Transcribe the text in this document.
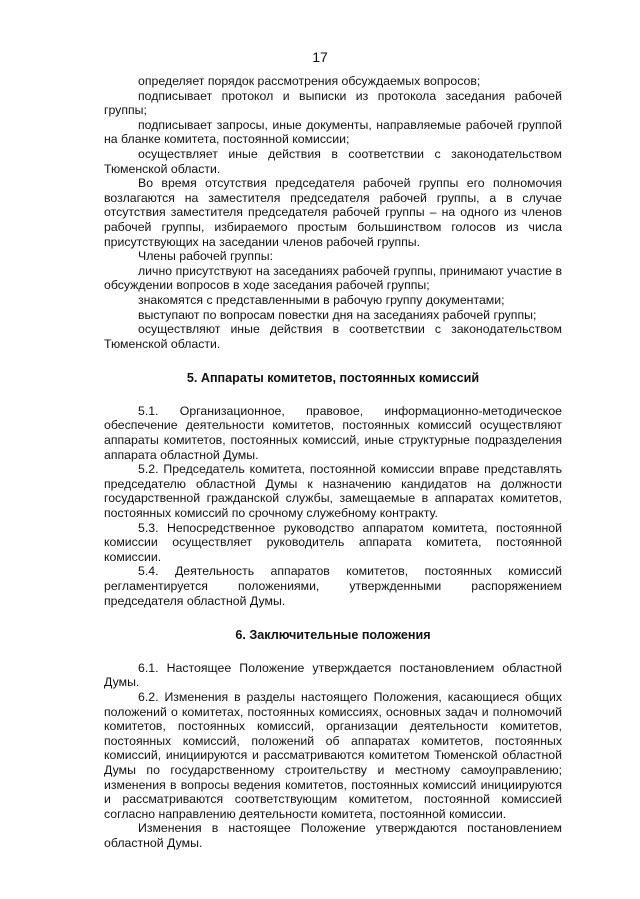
17

определяет порядок рассмотрения обсуждаемых вопросов;

подписывает протокол и выписки из протокола заседания рабочей группы;

подписывает запросы, иные документы, направляемые рабочей группой на бланке комитета, постоянной комиссии;

осуществляет иные действия в соответствии с законодательством Тюменской области.

Во время отсутствия председателя рабочей группы его полномочия возлагаются на заместителя председателя рабочей группы, а в случае отсутствия заместителя председателя рабочей группы – на одного из членов рабочей группы, избираемого простым большинством голосов из числа присутствующих на заседании членов рабочей группы.

Члены рабочей группы:

лично присутствуют на заседаниях рабочей группы, принимают участие в обсуждении вопросов в ходе заседания рабочей группы;

знакомятся с представленными в рабочую группу документами;

выступают по вопросам повестки дня на заседаниях рабочей группы;

осуществляют иные действия в соответствии с законодательством Тюменской области.

5. Аппараты комитетов, постоянных комиссий

5.1. Организационное, правовое, информационно-методическое обеспечение деятельности комитетов, постоянных комиссий осуществляют аппараты комитетов, постоянных комиссий, иные структурные подразделения аппарата областной Думы.

5.2. Председатель комитета, постоянной комиссии вправе представлять председателю областной Думы к назначению кандидатов на должности государственной гражданской службы, замещаемые в аппаратах комитетов, постоянных комиссий по срочному служебному контракту.

5.3. Непосредственное руководство аппаратом комитета, постоянной комиссии осуществляет руководитель аппарата комитета, постоянной комиссии.

5.4. Деятельность аппаратов комитетов, постоянных комиссий регламентируется положениями, утвержденными распоряжением председателя областной Думы.

6. Заключительные положения

6.1. Настоящее Положение утверждается постановлением областной Думы.

6.2. Изменения в разделы настоящего Положения, касающиеся общих положений о комитетах, постоянных комиссиях, основных задач и полномочий комитетов, постоянных комиссий, организации деятельности комитетов, постоянных комиссий, положений об аппаратах комитетов, постоянных комиссий, инициируются и рассматриваются комитетом Тюменской областной Думы по государственному строительству и местному самоуправлению; изменения в вопросы ведения комитетов, постоянных комиссий инициируются и рассматриваются соответствующим комитетом, постоянной комиссией согласно направлению деятельности комитета, постоянной комиссии.

Изменения в настоящее Положение утверждаются постановлением областной Думы.
